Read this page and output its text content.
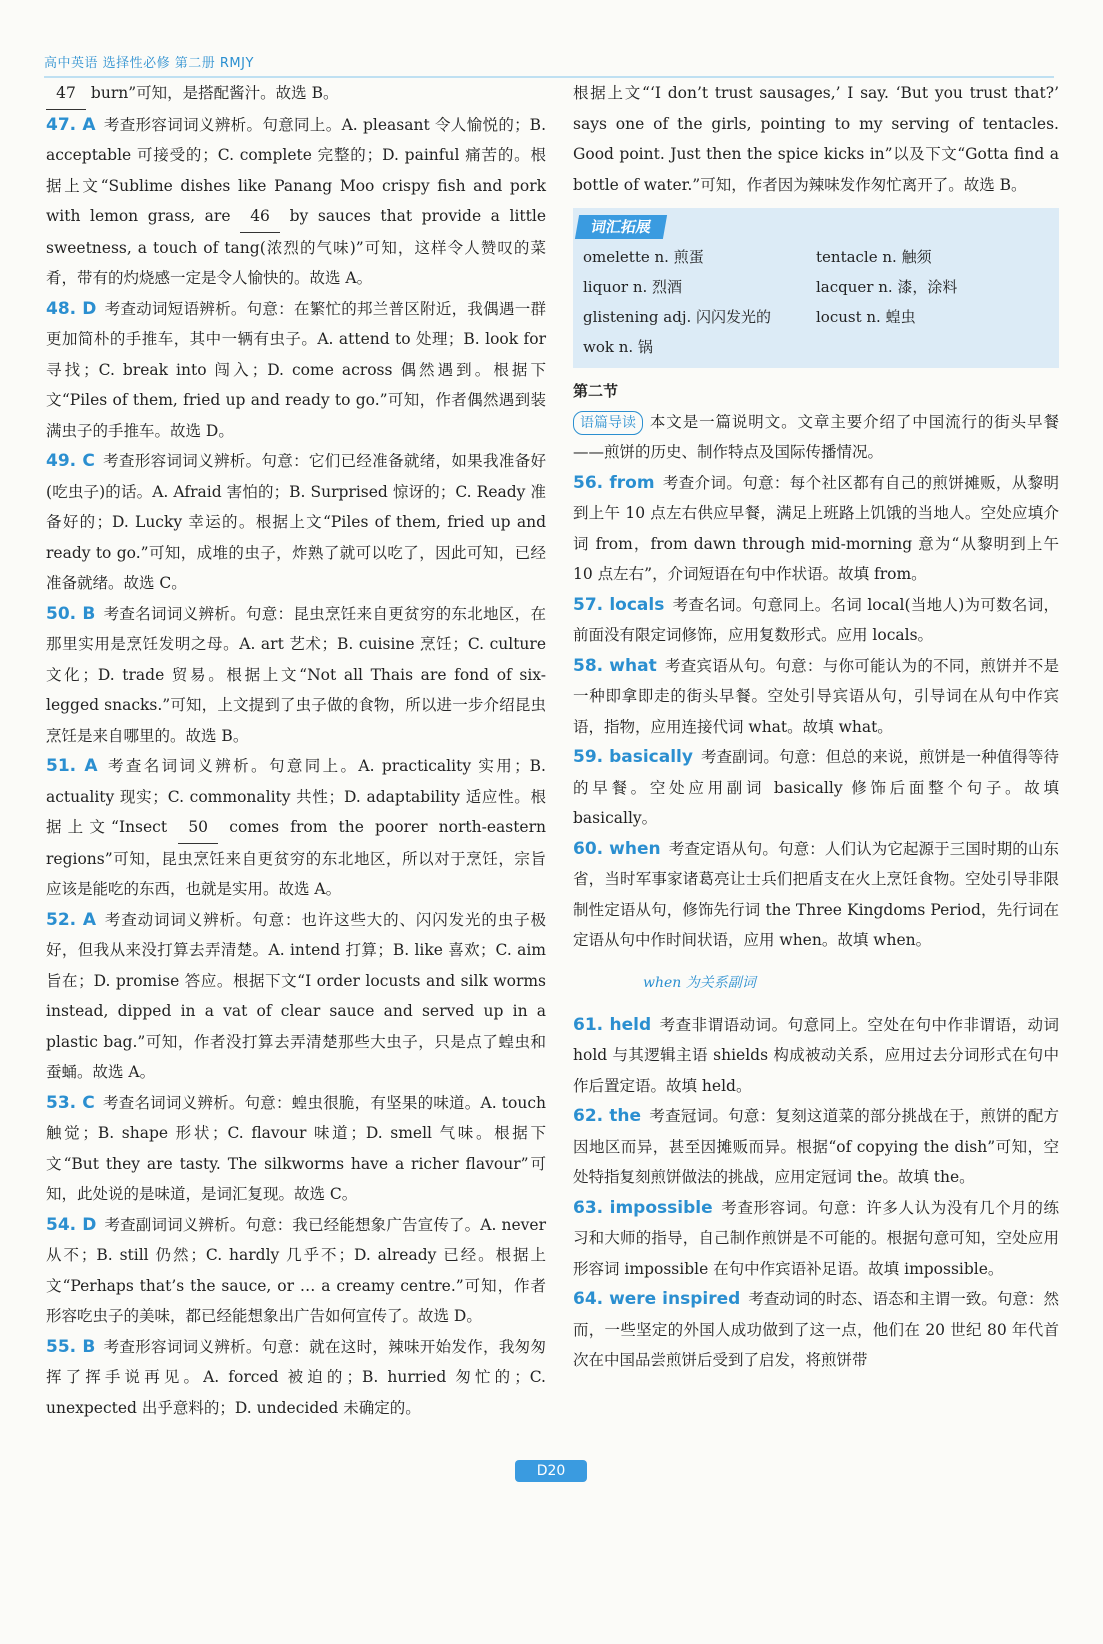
高中英语 选择性必修 第二册 RMJY

47 burn”可知，是搭配酱汁。故选 B。

47. A 考查形容词词义辨析。句意同上。A. pleasant 令人愉悦的；B. acceptable 可接受的；C. complete 完整的；D. painful 痛苦的。根据上文“Sublime dishes like Panang Moo crispy fish and pork with lemon grass, are 46 by sauces that provide a little sweetness, a touch of tang(浓烈的气味)”可知，这样令人赞叹的菜肴，带有的灼烧感一定是令人愉快的。故选 A。

48. D 考查动词短语辨析。句意：在繁忙的邦兰普区附近，我偶遇一群更加简朴的手推车，其中一辆有虫子。A. attend to 处理；B. look for 寻找；C. break into 闯入；D. come across 偶然遇到。根据下文“Piles of them, fried up and ready to go.”可知，作者偶然遇到装满虫子的手推车。故选 D。

49. C 考查形容词词义辨析。句意：它们已经准备就绪，如果我准备好(吃虫子)的话。A. Afraid 害怕的；B. Surprised 惊讶的；C. Ready 准备好的；D. Lucky 幸运的。根据上文“Piles of them, fried up and ready to go.”可知，成堆的虫子，炸熟了就可以吃了，因此可知，已经准备就绪。故选 C。

50. B 考查名词词义辨析。句意：昆虫烹饪来自更贫穷的东北地区，在那里实用是烹饪发明之母。A. art 艺术；B. cuisine 烹饪；C. culture 文化；D. trade 贸易。根据上文“Not all Thais are fond of six-legged snacks.”可知，上文提到了虫子做的食物，所以进一步介绍昆虫烹饪是来自哪里的。故选 B。

51. A 考查名词词义辨析。句意同上。A. practicality 实用；B. actuality 现实；C. commonality 共性；D. adaptability 适应性。根据上文“Insect 50 comes from the poorer north-eastern regions”可知，昆虫烹饪来自更贫穷的东北地区，所以对于烹饪，宗旨应该是能吃的东西，也就是实用。故选 A。

52. A 考查动词词义辨析。句意：也许这些大的、闪闪发光的虫子极好，但我从来没打算去弄清楚。A. intend 打算；B. like 喜欢；C. aim 旨在；D. promise 答应。根据下文“I order locusts and silk worms instead, dipped in a vat of clear sauce and served up in a plastic bag.”可知，作者没打算去弄清楚那些大虫子，只是点了蝗虫和蚕蛹。故选 A。

53. C 考查名词词义辨析。句意：蝗虫很脆，有坚果的味道。A. touch 触觉；B. shape 形状；C. flavour 味道；D. smell 气味。根据下文“But they are tasty. The silkworms have a richer flavour”可知，此处说的是味道，是词汇复现。故选 C。

54. D 考查副词词义辨析。句意：我已经能想象广告宣传了。A. never 从不；B. still 仍然；C. hardly 几乎不；D. already 已经。根据上文“Perhaps that’s the sauce, or … a creamy centre.”可知，作者形容吃虫子的美味，都已经能想象出广告如何宣传了。故选 D。

55. B 考查形容词词义辨析。句意：就在这时，辣味开始发作，我匆匆挥了挥手说再见。A. forced 被迫的；B. hurried 匆忙的；C. unexpected 出乎意料的；D. undecided 未确定的。

根据上文“‘I don’t trust sausages,’ I say. ‘But you trust that?’ says one of the girls, pointing to my serving of tentacles. Good point. Just then the spice kicks in”以及下文“Gotta find a bottle of water.”可知，作者因为辣味发作匆忙离开了。故选 B。

词汇拓展
omelette n. 煎蛋	tentacle n. 触须
liquor n. 烈酒	lacquer n. 漆，涂料
glistening adj. 闪闪发光的	locust n. 蝗虫
wok n. 锅

第二节

语篇导读 本文是一篇说明文。文章主要介绍了中国流行的街头早餐——煎饼的历史、制作特点及国际传播情况。

56. from 考查介词。句意：每个社区都有自己的煎饼摊贩，从黎明到上午 10 点左右供应早餐，满足上班路上饥饿的当地人。空处应填介词 from，from dawn through mid-morning 意为“从黎明到上午 10 点左右”，介词短语在句中作状语。故填 from。

57. locals 考查名词。句意同上。名词 local(当地人)为可数名词，前面没有限定词修饰，应用复数形式。应用 locals。

58. what 考查宾语从句。句意：与你可能认为的不同，煎饼并不是一种即拿即走的街头早餐。空处引导宾语从句，引导词在从句中作宾语，指物，应用连接代词 what。故填 what。

59. basically 考查副词。句意：但总的来说，煎饼是一种值得等待的早餐。空处应用副词 basically 修饰后面整个句子。故填 basically。

60. when 考查定语从句。句意：人们认为它起源于三国时期的山东省，当时军事家诸葛亮让士兵们把盾支在火上烹饪食物。空处引导非限制性定语从句，修饰先行词 the Three Kingdoms Period，先行词在定语从句中作时间状语，应用 when。故填 when。

when 为关系副词

61. held 考查非谓语动词。句意同上。空处在句中作非谓语，动词 hold 与其逻辑主语 shields 构成被动关系，应用过去分词形式在句中作后置定语。故填 held。

62. the 考查冠词。句意：复刻这道菜的部分挑战在于，煎饼的配方因地区而异，甚至因摊贩而异。根据“of copying the dish”可知，空处特指复刻煎饼做法的挑战，应用定冠词 the。故填 the。

63. impossible 考查形容词。句意：许多人认为没有几个月的练习和大师的指导，自己制作煎饼是不可能的。根据句意可知，空处应用形容词 impossible 在句中作宾语补足语。故填 impossible。

64. were inspired 考查动词的时态、语态和主谓一致。句意：然而，一些坚定的外国人成功做到了这一点，他们在 20 世纪 80 年代首次在中国品尝煎饼后受到了启发，将煎饼带

D20
